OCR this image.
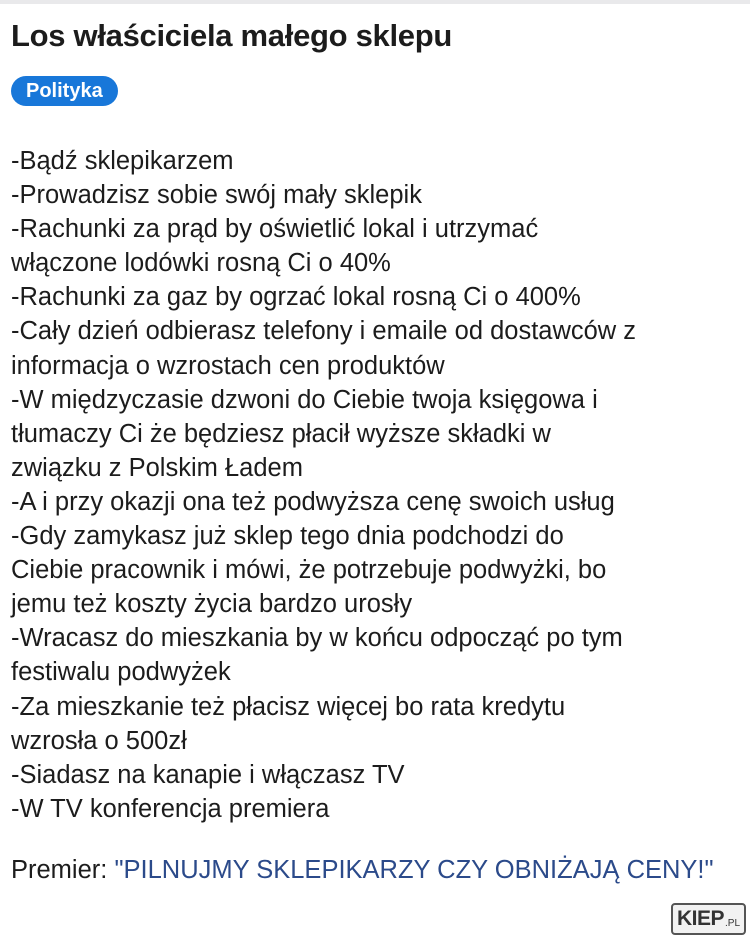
Los właściciela małego sklepu
Polityka
-Bądź sklepikarzem
-Prowadzisz sobie swój mały sklepik
-Rachunki za prąd by oświetlić lokal i utrzymać
włączone lodówki rosną Ci o 40%
-Rachunki za gaz by ogrzać lokal rosną Ci o 400%
-Cały dzień odbierasz telefony i emaile od dostawców z
informacja o wzrostach cen produktów
-W międzyczasie dzwoni do Ciebie twoja księgowa i
tłumaczy Ci że będziesz płacił wyższe składki w
związku z Polskim Ładem
-A i przy okazji ona też podwyższa cenę swoich usług
-Gdy zamykasz już sklep tego dnia podchodzi do
Ciebie pracownik i mówi, że potrzebuje podwyżki, bo
jemu też koszty życia bardzo urosły
-Wracasz do mieszkania by w końcu odpocząć po tym
festiwalu podwyżek
-Za mieszkanie też płacisz więcej bo rata kredytu
wzrosła o 500zł
-Siadasz na kanapie i włączasz TV
-W TV konferencja premiera
Premier: "PILNUJMY SKLEPIKARZY CZY OBNIŻAJĄ CENY!"
KIEP .PL
